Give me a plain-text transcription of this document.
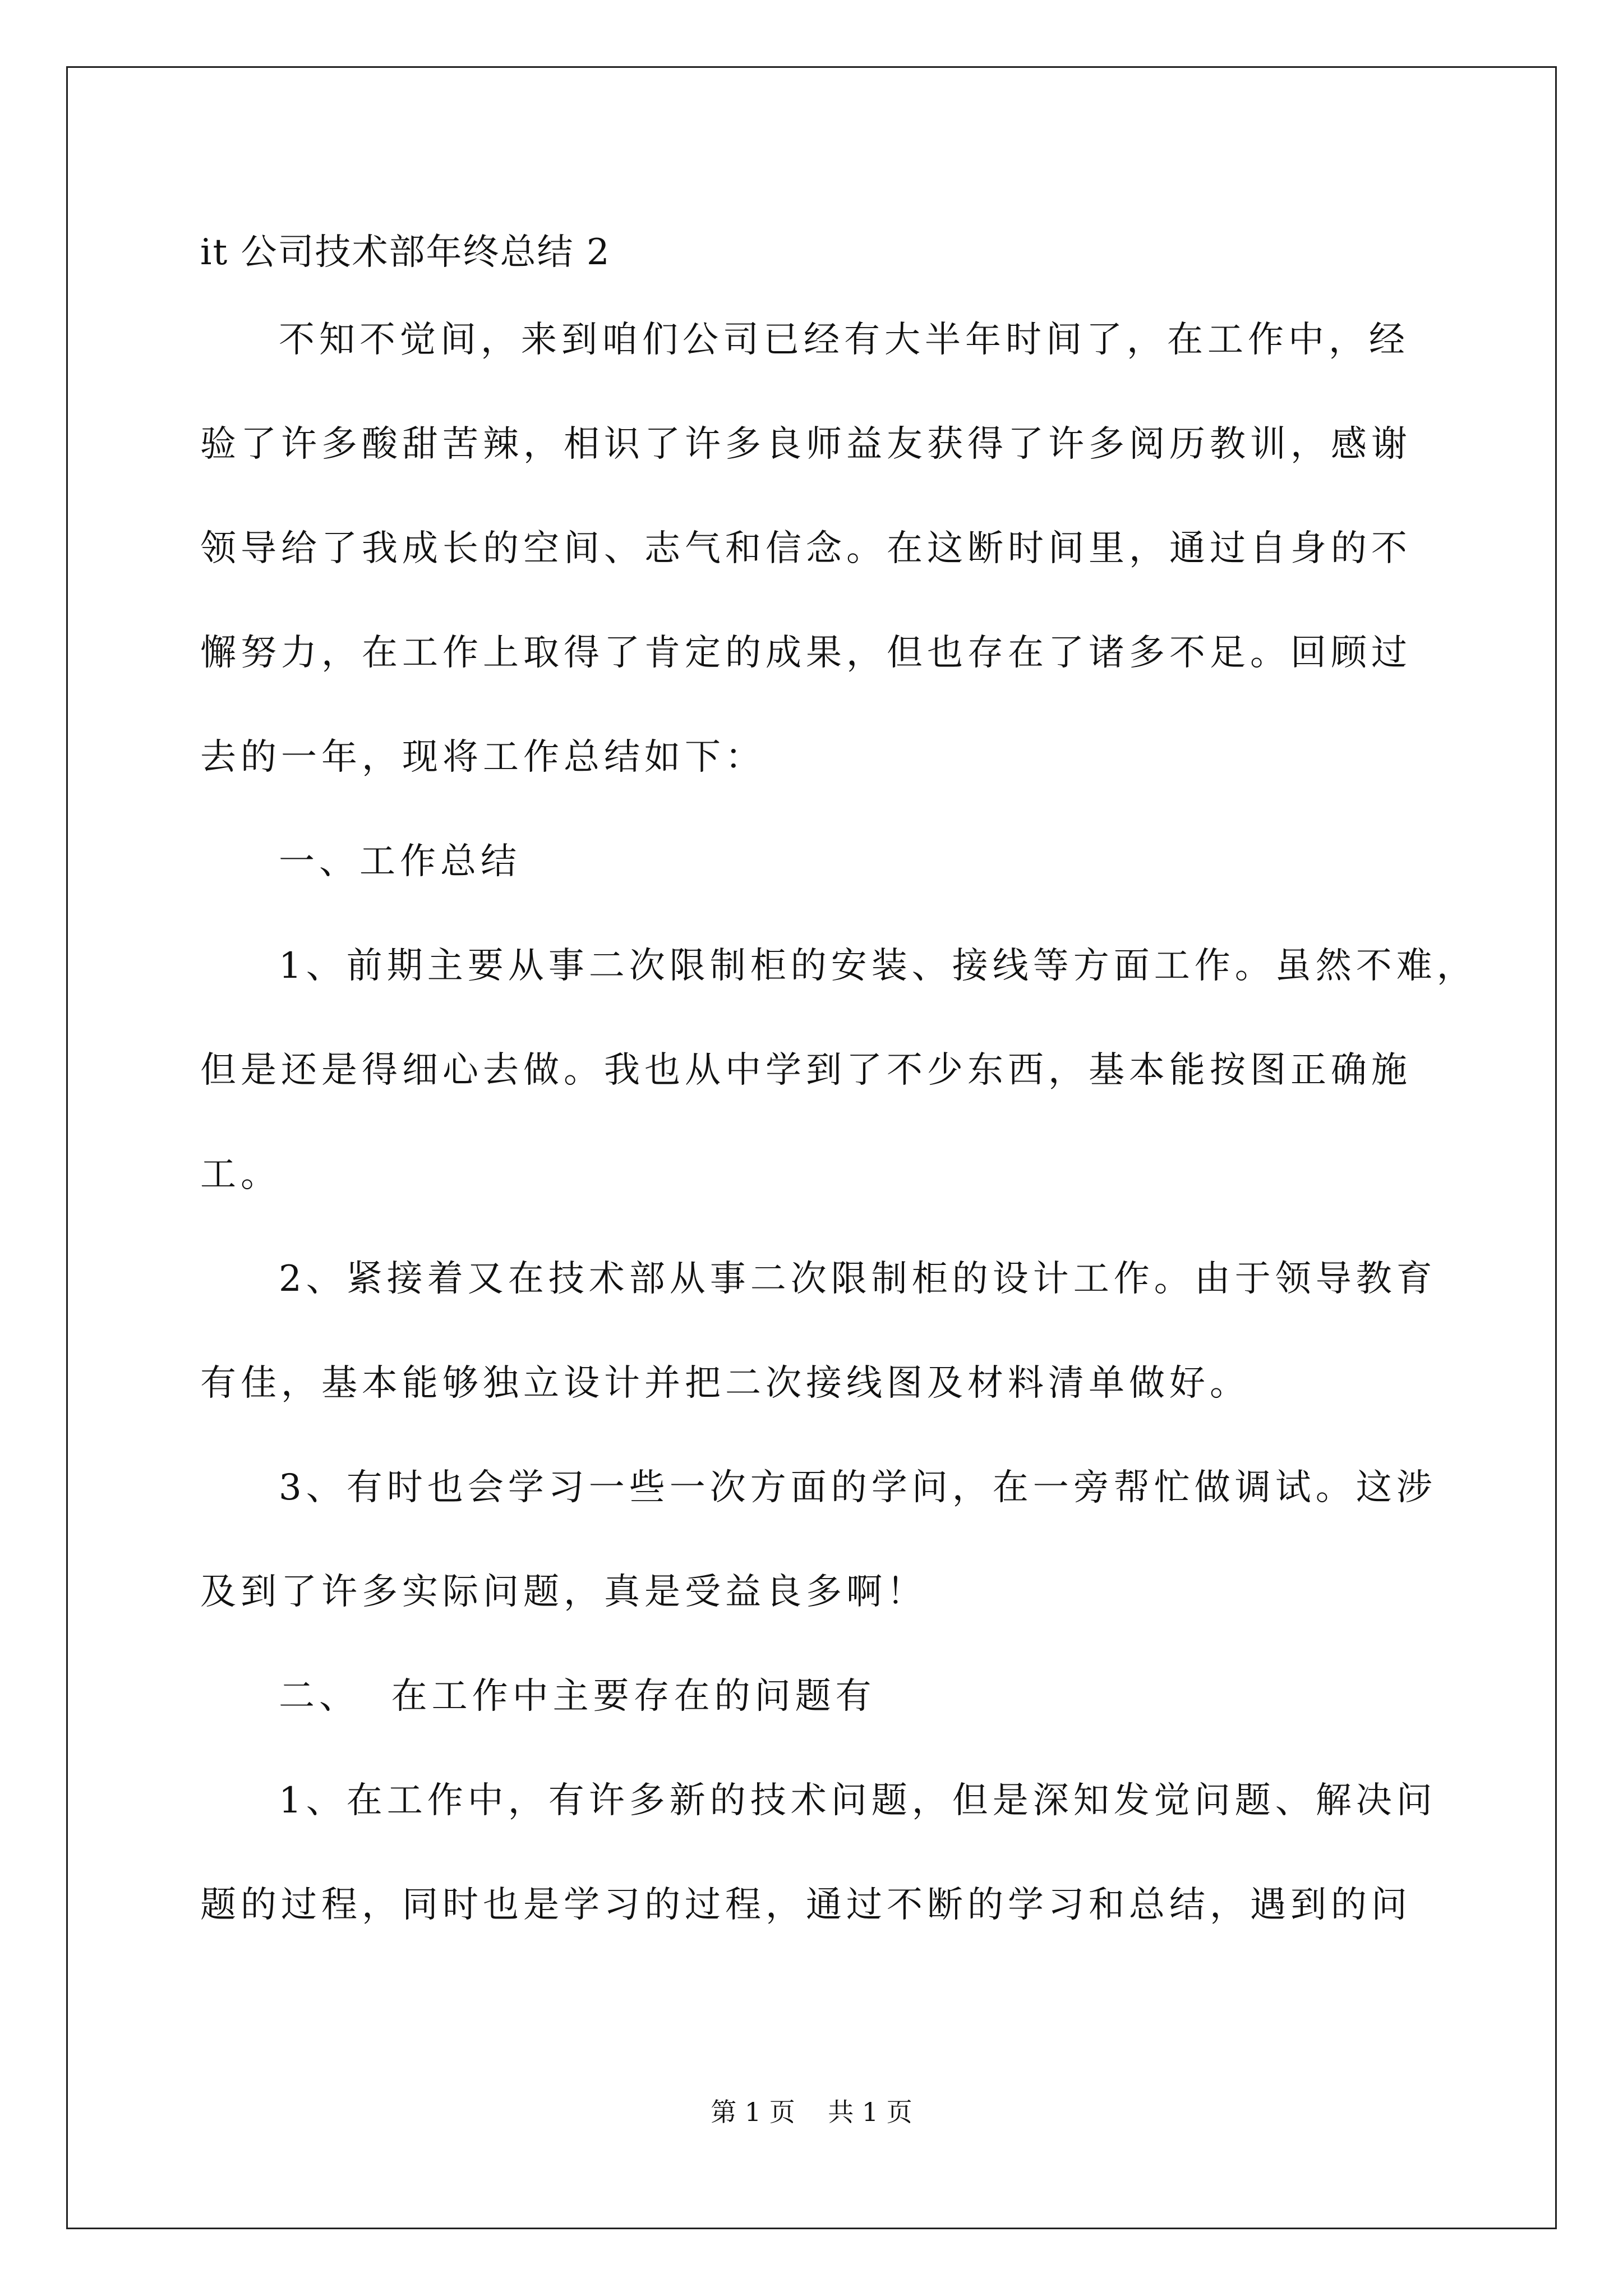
it 公司技术部年终总结 2
不知不觉间，来到咱们公司已经有大半年时间了，在工作中，经
验了许多酸甜苦辣，相识了许多良师益友获得了许多阅历教训，感谢
领导给了我成长的空间、志气和信念。在这断时间里，通过自身的不
懈努力，在工作上取得了肯定的成果，但也存在了诸多不足。回顾过
去的一年，现将工作总结如下：
一、工作总结
1、前期主要从事二次限制柜的安装、接线等方面工作。虽然不难，
但是还是得细心去做。我也从中学到了不少东西，基本能按图正确施
工。
2、紧接着又在技术部从事二次限制柜的设计工作。由于领导教育
有佳，基本能够独立设计并把二次接线图及材料清单做好。
3、有时也会学习一些一次方面的学问，在一旁帮忙做调试。这涉
及到了许多实际问题，真是受益良多啊！
二、  在工作中主要存在的问题有
1、在工作中，有许多新的技术问题，但是深知发觉问题、解决问
题的过程，同时也是学习的过程，通过不断的学习和总结，遇到的问
第 1 页    共 1 页
